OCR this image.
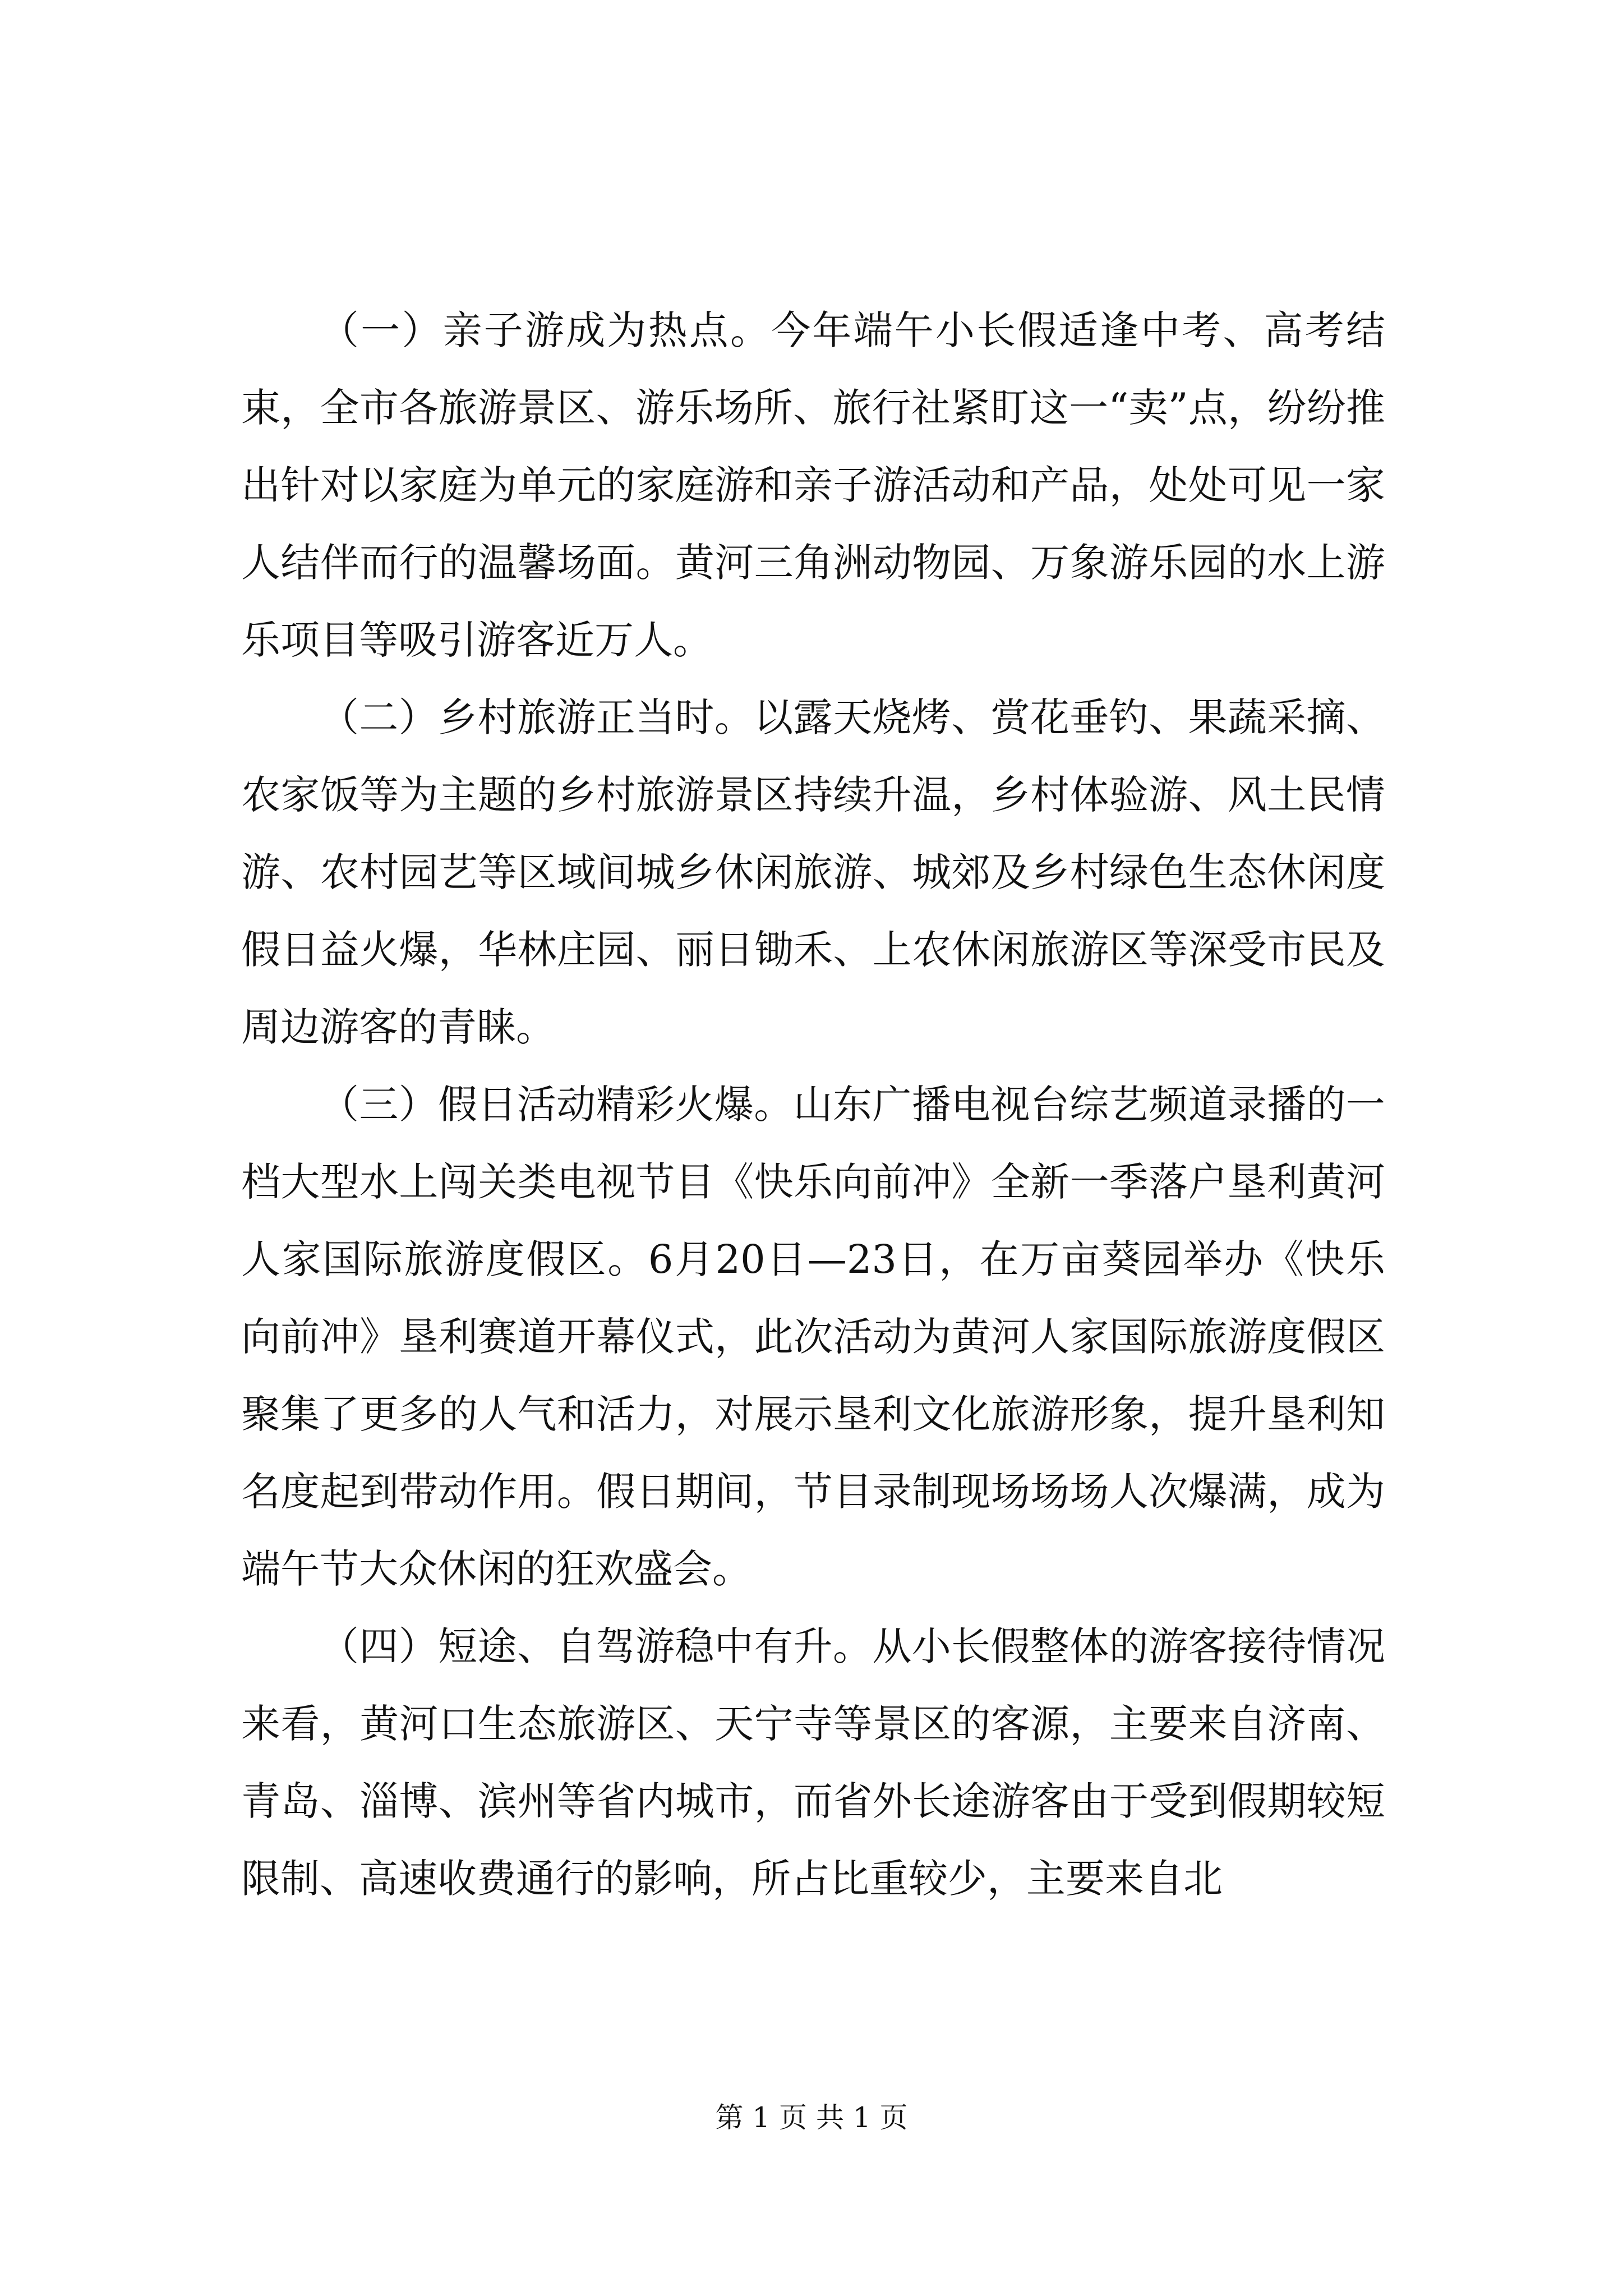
（一）亲子游成为热点。今年端午小长假适逢中考、高考结束，全市各旅游景区、游乐场所、旅行社紧盯这一“卖”点，纷纷推出针对以家庭为单元的家庭游和亲子游活动和产品，处处可见一家人结伴而行的温馨场面。黄河三角洲动物园、万象游乐园的水上游乐项目等吸引游客近万人。

（二）乡村旅游正当时。以露天烧烤、赏花垂钓、果蔬采摘、农家饭等为主题的乡村旅游景区持续升温，乡村体验游、风土民情游、农村园艺等区域间城乡休闲旅游、城郊及乡村绿色生态休闲度假日益火爆，华林庄园、丽日锄禾、上农休闲旅游区等深受市民及周边游客的青睐。

（三）假日活动精彩火爆。山东广播电视台综艺频道录播的一档大型水上闯关类电视节目《快乐向前冲》全新一季落户垦利黄河人家国际旅游度假区。6月20日—23日，在万亩葵园举办《快乐向前冲》垦利赛道开幕仪式，此次活动为黄河人家国际旅游度假区聚集了更多的人气和活力，对展示垦利文化旅游形象，提升垦利知名度起到带动作用。假日期间，节目录制现场场场人次爆满，成为端午节大众休闲的狂欢盛会。

（四）短途、自驾游稳中有升。从小长假整体的游客接待情况来看，黄河口生态旅游区、天宁寺等景区的客源，主要来自济南、青岛、淄博、滨州等省内城市，而省外长途游客由于受到假期较短限制、高速收费通行的影响，所占比重较少，主要来自北

第 1 页 共 1 页
